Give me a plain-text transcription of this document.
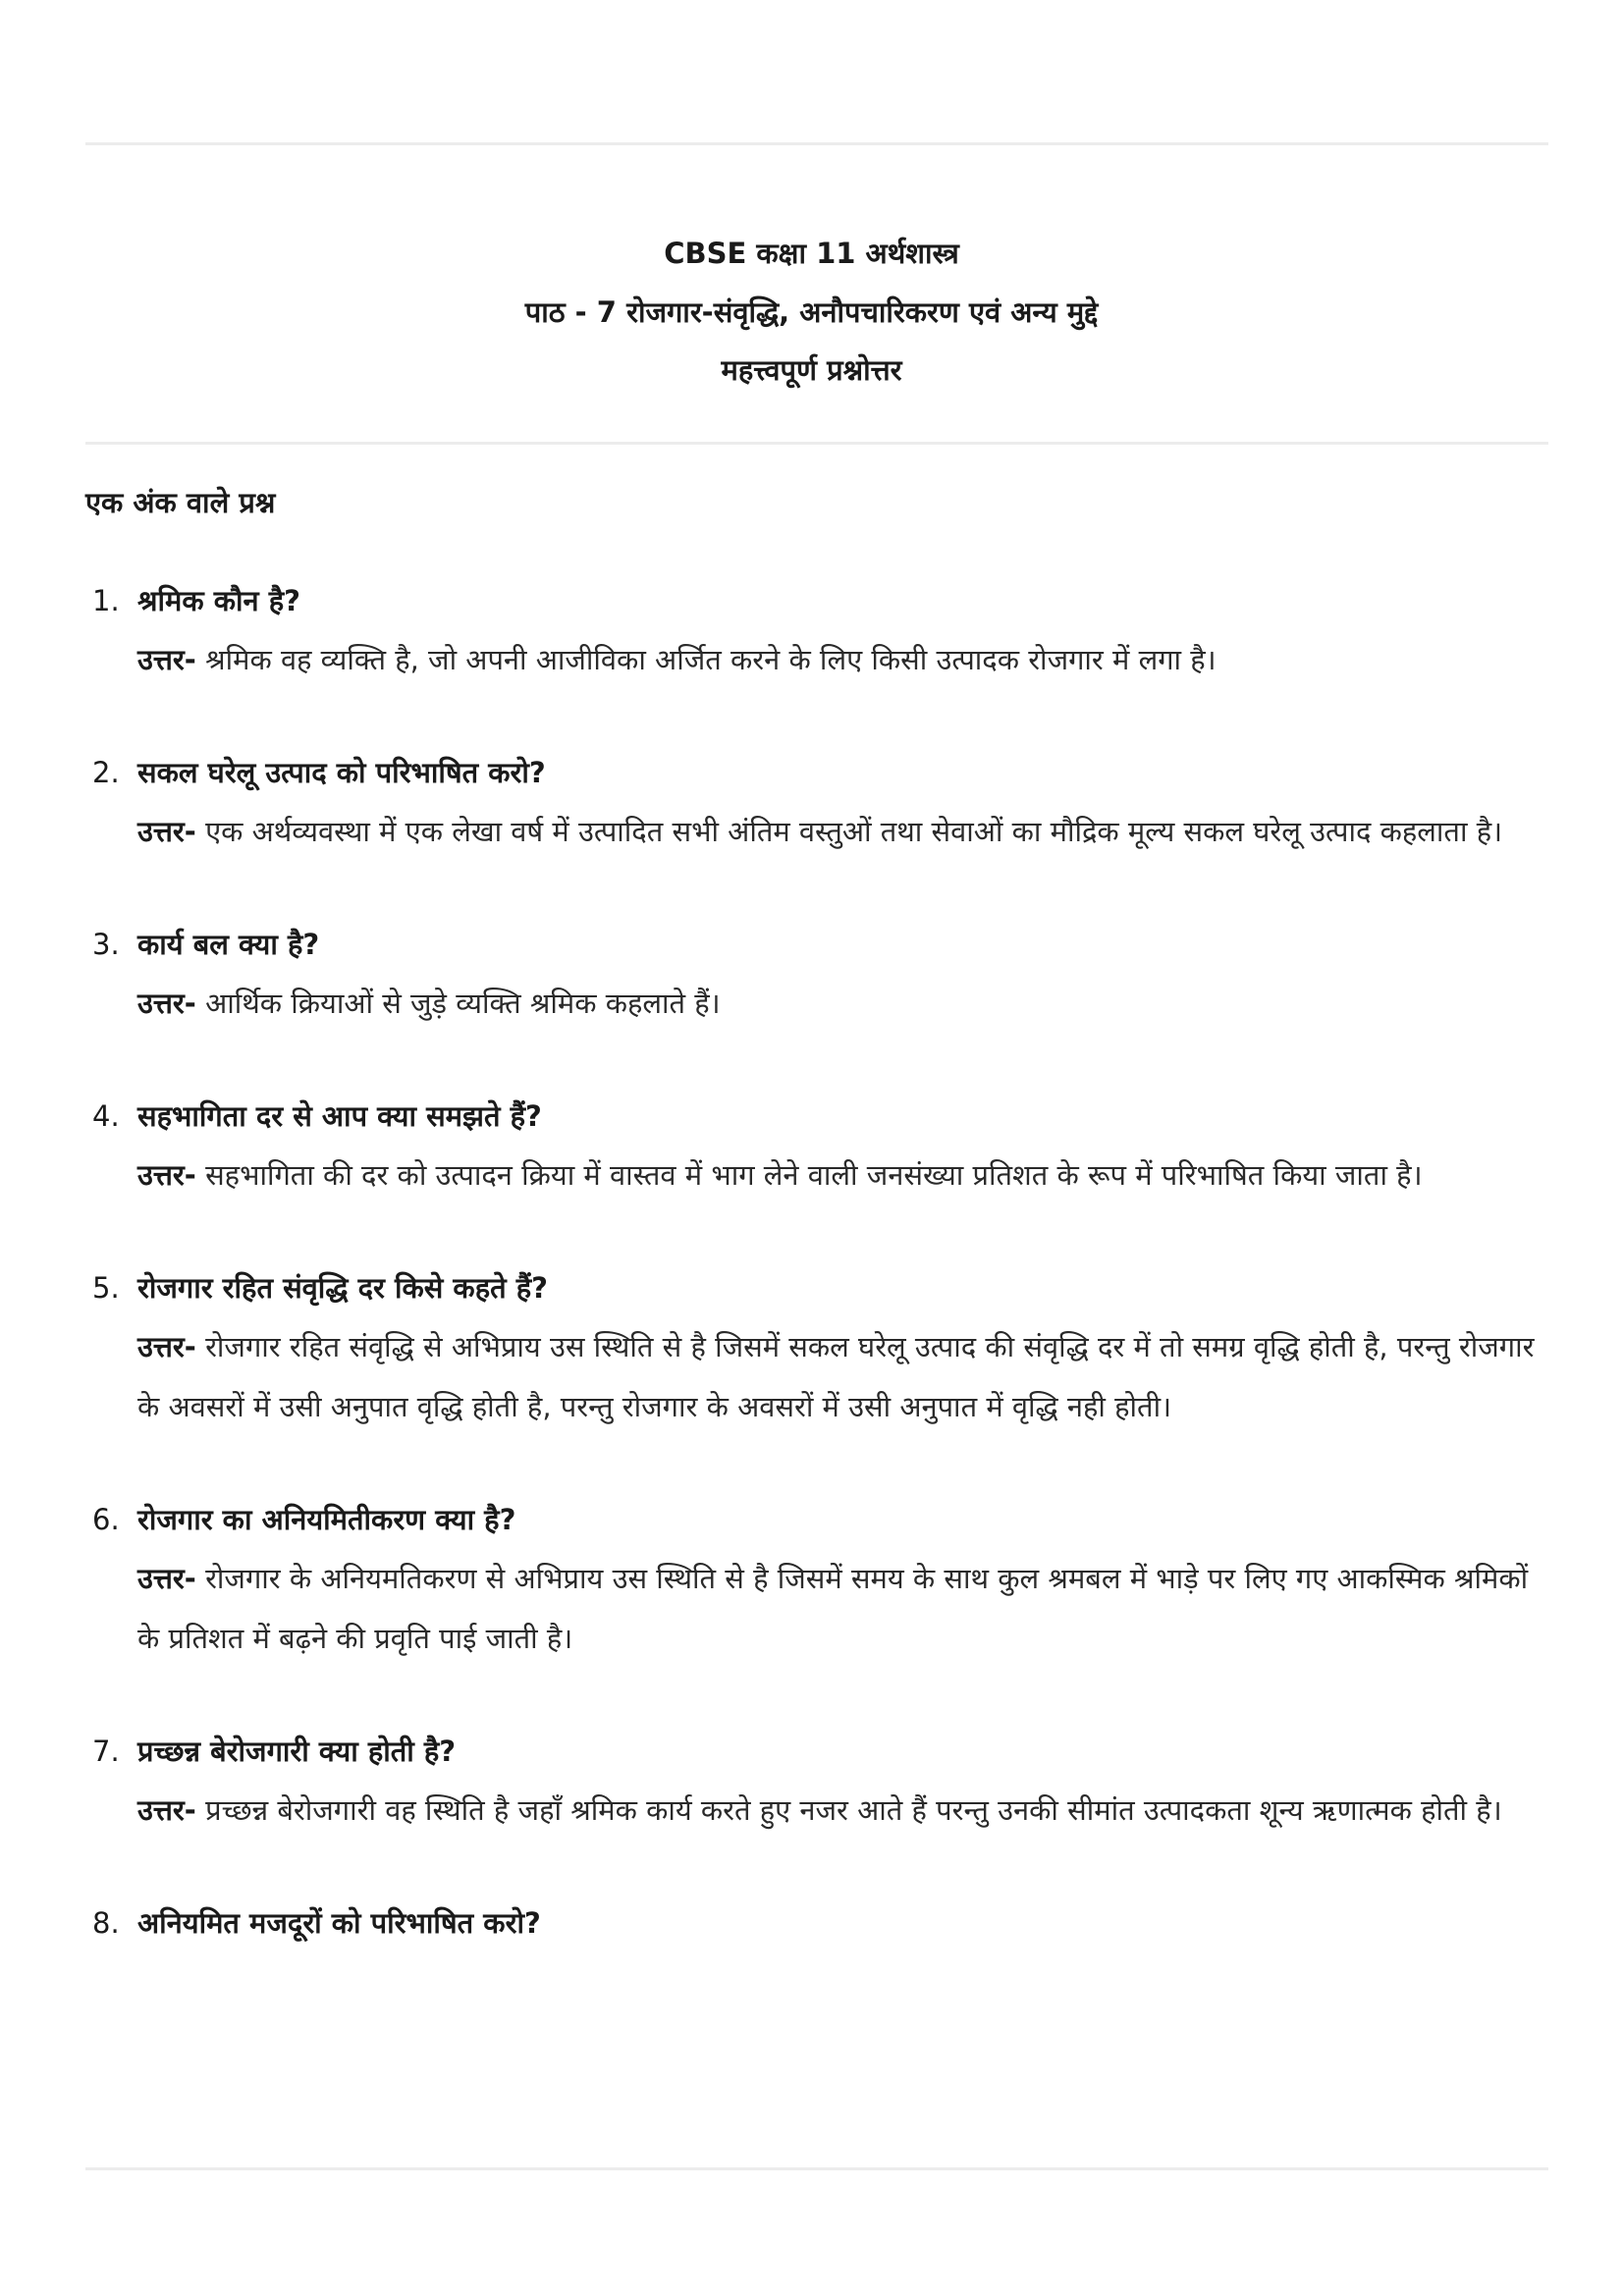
CBSE कक्षा 11 अर्थशास्त्र
पाठ - 7 रोजगार-संवृद्धि, अनौपचारिकरण एवं अन्य मुद्दे
महत्त्वपूर्ण प्रश्नोत्तर
एक अंक वाले प्रश्न
1. श्रमिक कौन है?

उत्तर- श्रमिक वह व्यक्ति है, जो अपनी आजीविका अर्जित करने के लिए किसी उत्पादक रोजगार में लगा है।

2. सकल घरेलू उत्पाद को परिभाषित करो?

उत्तर- एक अर्थव्यवस्था में एक लेखा वर्ष में उत्पादित सभी अंतिम वस्तुओं तथा सेवाओं का मौद्रिक मूल्य सकल घरेलू उत्पाद कहलाता है।

3. कार्य बल क्या है?

उत्तर- आर्थिक क्रियाओं से जुड़े व्यक्ति श्रमिक कहलाते हैं।

4. सहभागिता दर से आप क्या समझते हैं?

उत्तर- सहभागिता की दर को उत्पादन क्रिया में वास्तव में भाग लेने वाली जनसंख्या प्रतिशत के रूप में परिभाषित किया जाता है।

5. रोजगार रहित संवृद्धि दर किसे कहते हैं?

उत्तर- रोजगार रहित संवृद्धि से अभिप्राय उस स्थिति से है जिसमें सकल घरेलू उत्पाद की संवृद्धि दर में तो समग्र वृद्धि होती है, परन्तु रोजगार के अवसरों में उसी अनुपात वृद्धि होती है, परन्तु रोजगार के अवसरों में उसी अनुपात में वृद्धि नही होती।

6. रोजगार का अनियमितीकरण क्या है?

उत्तर- रोजगार के अनियमतिकरण से अभिप्राय उस स्थिति से है जिसमें समय के साथ कुल श्रमबल में भाड़े पर लिए गए आकस्मिक श्रमिकों के प्रतिशत में बढ़ने की प्रवृति पाई जाती है।

7. प्रच्छन्न बेरोजगारी क्या होती है?

उत्तर- प्रच्छन्न बेरोजगारी वह स्थिति है जहाँ श्रमिक कार्य करते हुए नजर आते हैं परन्तु उनकी सीमांत उत्पादकता शून्य ऋणात्मक होती है।

8. अनियमित मजदूरों को परिभाषित करो?
